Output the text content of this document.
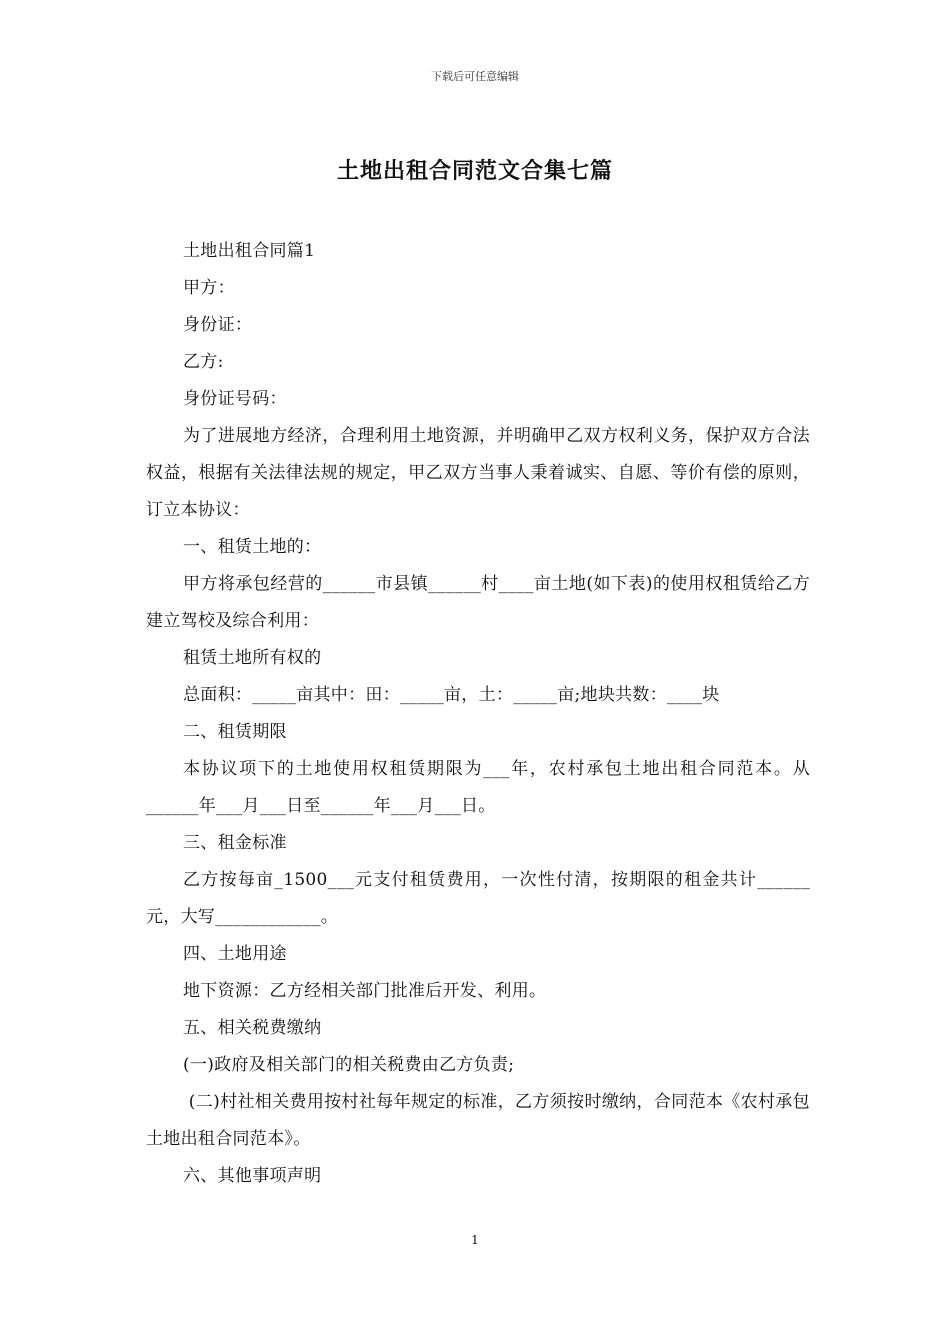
下载后可任意编辑
土地出租合同范文合集七篇

土地出租合同篇1

甲方：

身份证：

乙方:

身份证号码：

为了进展地方经济，合理利用土地资源，并明确甲乙双方权利义务，保护双方合法权益，根据有关法律法规的规定，甲乙双方当事人秉着诚实、自愿、等价有偿的原则，订立本协议：

一、租赁土地的：

甲方将承包经营的______市县镇______村____亩土地(如下表)的使用权租赁给乙方建立驾校及综合利用：

租赁土地所有权的

总面积：_____亩其中：田：_____亩，土：_____亩;地块共数：____块

二、租赁期限

本协议项下的土地使用权租赁期限为___年，农村承包土地出租合同范本。从______年___月___日至______年___月___日。

三、租金标准

乙方按每亩_1500___元支付租赁费用，一次性付清，按期限的租金共计______元，大写____________。

四、土地用途

地下资源：乙方经相关部门批准后开发、利用。

五、相关税费缴纳

(一)政府及相关部门的相关税费由乙方负责;

(二)村社相关费用按村社每年规定的标准，乙方须按时缴纳，合同范本《农村承包土地出租合同范本》。

六、其他事项声明

1
